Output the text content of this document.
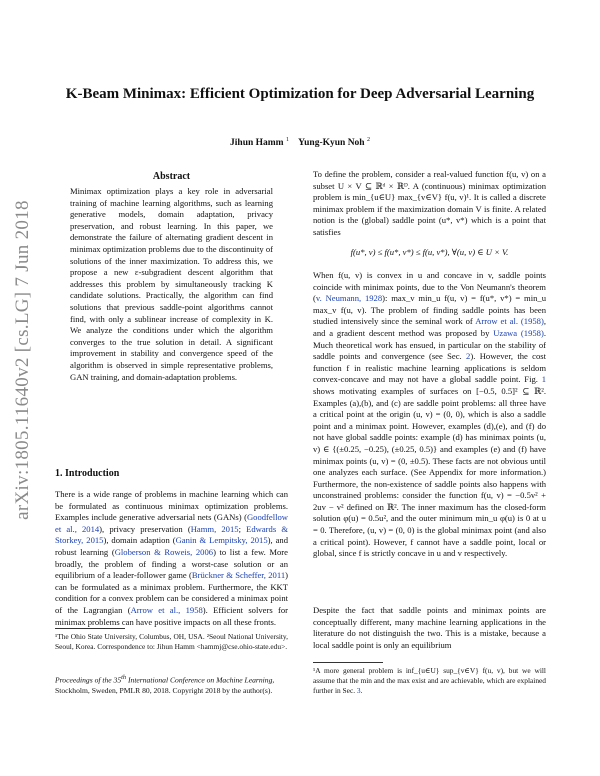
arXiv:1805.11640v2 [cs.LG] 7 Jun 2018
K-Beam Minimax: Efficient Optimization for Deep Adversarial Learning
Jihun Hamm $^1$ Yung-Kyun Noh $^2$
Abstract
Minimax optimization plays a key role in adversarial training of machine learning algorithms, such as learning generative models, domain adaptation, privacy preservation, and robust learning. In this paper, we demonstrate the failure of alternating gradient descent in minimax optimization problems due to the discontinuity of solutions of the inner maximization. To address this, we propose a new ε-subgradient descent algorithm that addresses this problem by simultaneously tracking K candidate solutions. Practically, the algorithm can find solutions that previous saddle-point algorithms cannot find, with only a sublinear increase of complexity in K. We analyze the conditions under which the algorithm converges to the true solution in detail. A significant improvement in stability and convergence speed of the algorithm is observed in simple representative problems, GAN training, and domain-adaptation problems.
1. Introduction
There is a wide range of problems in machine learning which can be formulated as continuous minimax optimization problems. Examples include generative adversarial nets (GANs) (Goodfellow et al., 2014), privacy preservation (Hamm, 2015; Edwards & Storkey, 2015), domain adaption (Ganin & Lempitsky, 2015), and robust learning (Globerson & Roweis, 2006) to list a few. More broadly, the problem of finding a worst-case solution or an equilibrium of a leader-follower game (Brückner & Scheffer, 2011) can be formulated as a minimax problem. Furthermore, the KKT condition for a convex problem can be considered a minimax point of the Lagrangian (Arrow et al., 1958). Efficient solvers for minimax problems can have positive impacts on all these fronts.
¹The Ohio State University, Columbus, OH, USA. ²Seoul National University, Seoul, Korea. Correspondence to: Jihun Hamm <hammj@cse.ohio-state.edu>.
Proceedings of the 35th International Conference on Machine Learning, Stockholm, Sweden, PMLR 80, 2018. Copyright 2018 by the author(s).
To define the problem, consider a real-valued function f(u, v) on a subset U × V ⊆ ℝᵈ × ℝᴰ. A (continuous) minimax optimization problem is min_{u∈U} max_{v∈V} f(u, v)¹. It is called a discrete minimax problem if the maximization domain V is finite. A related notion is the (global) saddle point (u*, v*) which is a point that satisfies
f(u*, v) ≤ f(u*, v*) ≤ f(u, v*), ∀(u, v) ∈ U × V.
When f(u, v) is convex in u and concave in v, saddle points coincide with minimax points, due to the Von Neumann's theorem (v. Neumann, 1928): max_v min_u f(u, v) = f(u*, v*) = min_u max_v f(u, v). The problem of finding saddle points has been studied intensively since the seminal work of Arrow et al. (1958), and a gradient descent method was proposed by Uzawa (1958). Much theoretical work has ensued, in particular on the stability of saddle points and convergence (see Sec. 2). However, the cost function f in realistic machine learning applications is seldom convex-concave and may not have a global saddle point. Fig. 1 shows motivating examples of surfaces on [−0.5, 0.5]² ⊆ ℝ². Examples (a),(b), and (c) are saddle point problems: all three have a critical point at the origin (u, v) = (0, 0), which is also a saddle point and a minimax point. However, examples (d),(e), and (f) do not have global saddle points: example (d) has minimax points (u, v) ∈ {(±0.25, −0.25), (±0.25, 0.5)} and examples (e) and (f) have minimax points (u, v) = (0, ±0.5). These facts are not obvious until one analyzes each surface. (See Appendix for more information.) Furthermore, the non-existence of saddle points also happens with unconstrained problems: consider the function f(u, v) = −0.5v² + 2uv − v² defined on ℝ². The inner maximum has the closed-form solution φ(u) = 0.5u², and the outer minimum min_u φ(u) is 0 at u = 0. Therefore, (u, v) = (0, 0) is the global minimax point (and also a critical point). However, f cannot have a saddle point, local or global, since f is strictly concave in u and v respectively.
Despite the fact that saddle points and minimax points are conceptually different, many machine learning applications in the literature do not distinguish the two. This is a mistake, because a local saddle point is only an equilibrium
¹A more general problem is inf_{u∈U} sup_{v∈V} f(u, v), but we will assume that the min and the max exist and are achievable, which are explained further in Sec. 3.
